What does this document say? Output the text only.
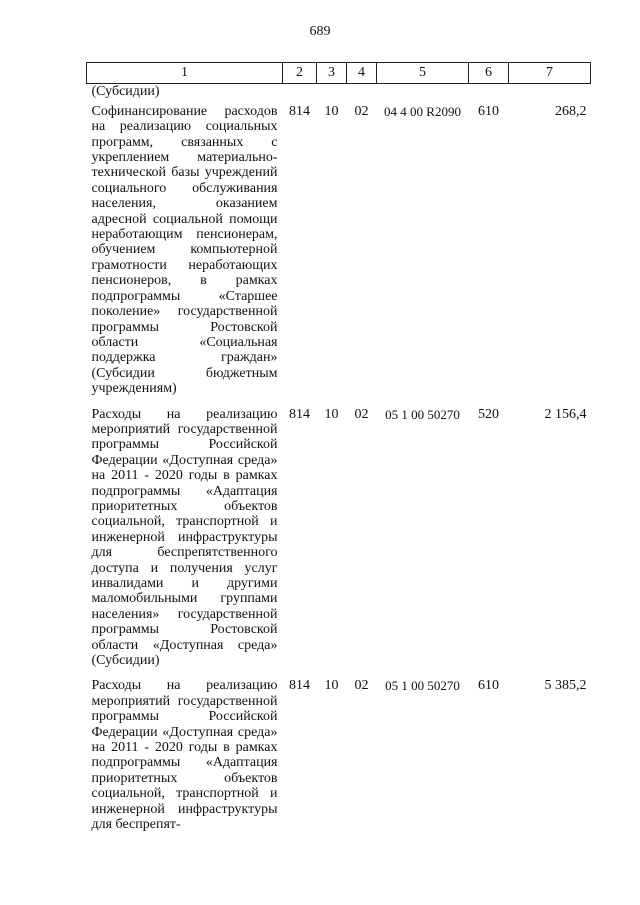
689
1	2	3	4	5	6	7
(Субсидии)						
Софинансирование расходов на реализацию социальных программ, связанных с укреплением материально-технической базы учреждений социального обслуживания населения, оказанием адресной социальной помощи неработающим пенсионерам, обучением компьютерной грамотности неработающих пенсионеров, в рамках подпрограммы «Старшее поколение» государственной программы Ростовской области «Социальная поддержка граждан» (Субсидии бюджетным учреждениям)	814	10	02	04 4 00 R2090	610	268,2
Расходы на реализацию мероприятий государственной программы Российской Федерации «Доступная среда» на 2011 - 2020 годы в рамках подпрограммы «Адаптация приоритетных объектов социальной, транспортной и инженерной инфраструктуры для беспрепятственного доступа и получения услуг инвалидами и другими маломобильными группами населения» государственной программы Ростовской области «Доступная среда» (Субсидии)	814	10	02	05 1 00 50270	520	2 156,4
Расходы на реализацию мероприятий государственной программы Российской Федерации «Доступная среда» на 2011 - 2020 годы в рамках подпрограммы «Адаптация приоритетных объектов социальной, транспортной и инженерной инфраструктуры для беспрепят-	814	10	02	05 1 00 50270	610	5 385,2
